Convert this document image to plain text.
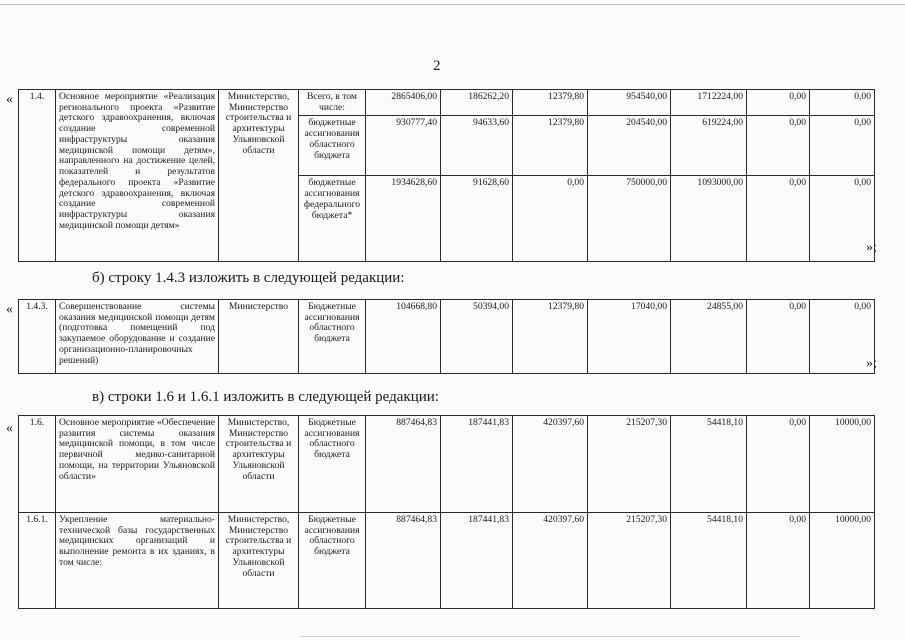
2
« 1.4.	Основное мероприятие «Реализация регионального проекта «Развитие детского здравоохранения, включая создание современной инфраструктуры оказания медицинской помощи детям», направленного на достижение целей, показателей и результатов федерального проекта «Развитие детского здравоохранения, включая создание современной инфраструктуры оказания медицинской помощи детям»	Министерство, Министерство строительства и архитектуры Ульяновской области	Всего, в том числе:	2865406,00	186262,20	12379,80	954540,00	1712224,00	0,00	0,00
			бюджетные ассигнования областного бюджета	930777,40	94633,60	12379,80	204540,00	619224,00	0,00	0,00
			бюджетные ассигнования федерального бюджета*	1934628,60	91628,60	0,00	750000,00	1093000,00	0,00	0,00
»;
б) строку 1.4.3 изложить в следующей редакции:
« 1.4.3.	Совершенствование системы оказания медицинской помощи детям (подготовка помещений под закупаемое оборудование и создание организационно-планировочных решений)	Министерство	Бюджетные ассигнования областного бюджета	104668,80	50394,00	12379,80	17040,00	24855,00	0,00	0,00
»;
в) строки 1.6 и 1.6.1 изложить в следующей редакции:
« 1.6.	Основное мероприятие «Обеспечение развития системы оказания медицинской помощи, в том числе первичной медико-санитарной помощи, на территории Ульяновской области»	Министерство, Министерство строительства и архитектуры Ульяновской области	Бюджетные ассигнования областного бюджета	887464,83	187441,83	420397,60	215207,30	54418,10	0,00	10000,00
1.6.1.	Укрепление материально-технической базы государственных медицинских организаций и выполнение ремонта в их зданиях, в том числе:	Министерство, Министерство строительства и архитектуры Ульяновской области	Бюджетные ассигнования областного бюджета	887464,83	187441,83	420397,60	215207,30	54418,10	0,00	10000,00
